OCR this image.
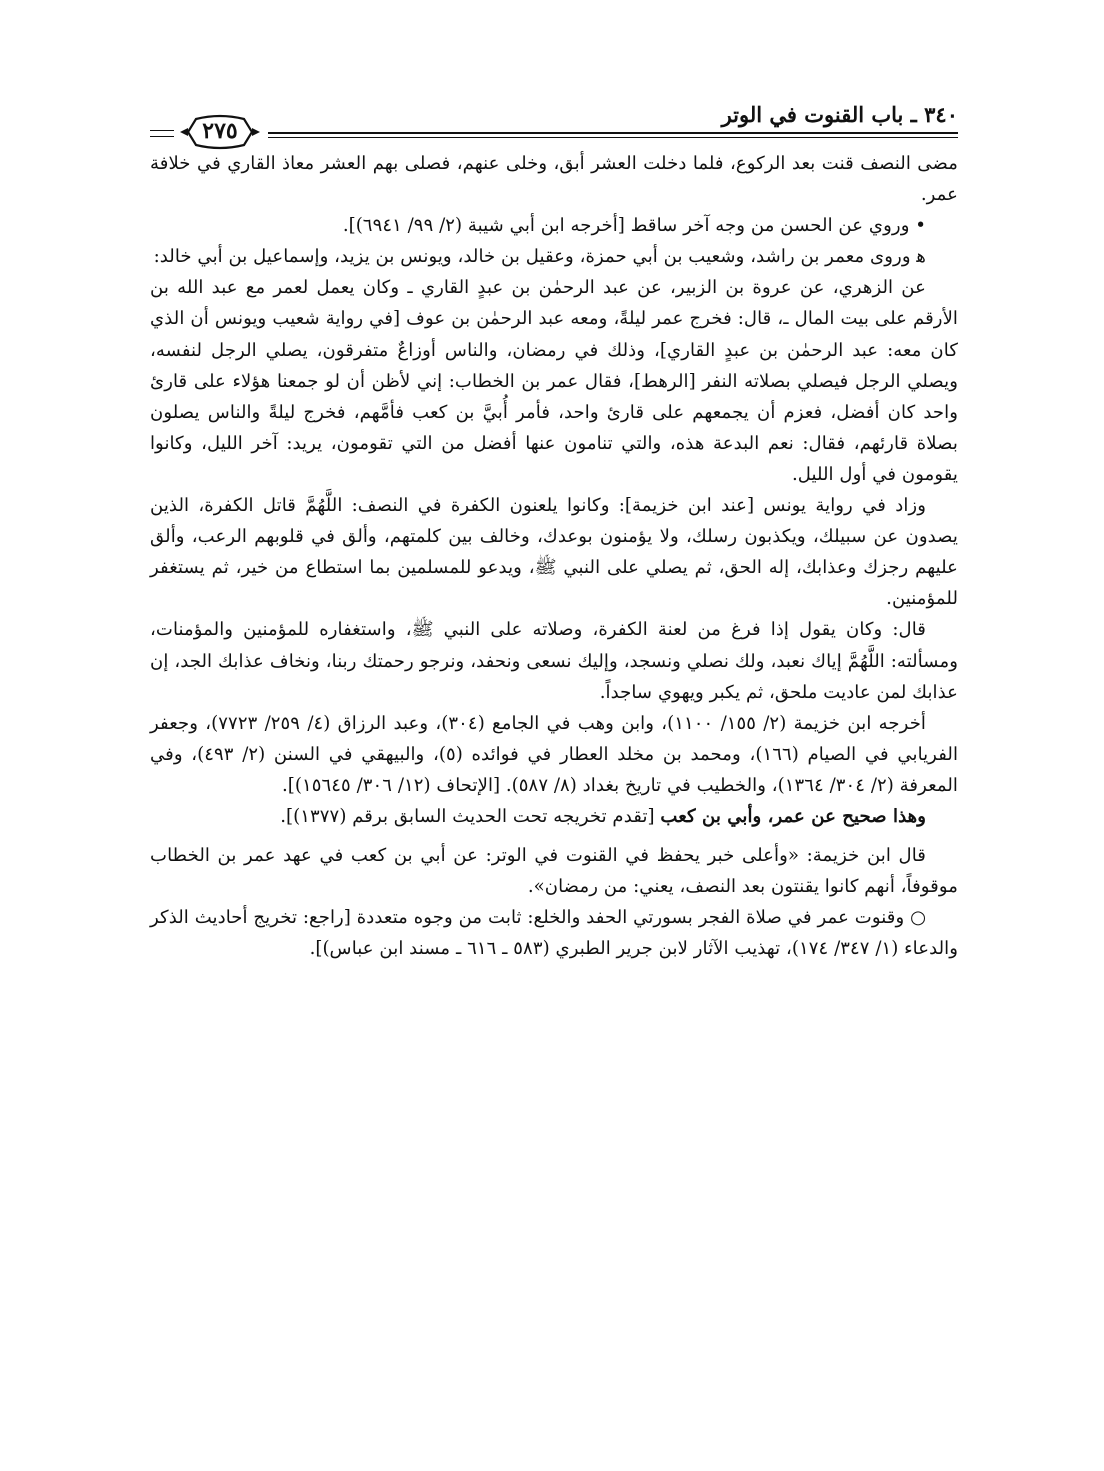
٣٤٠ ـ باب القنوت في الوتر
٢٧٥

مضى النصف قنت بعد الركوع، فلما دخلت العشر أبق، وخلى عنهم، فصلى بهم العشر معاذ القاري في خلافة عمر.

• وروي عن الحسن من وجه آخر ساقط [أخرجه ابن أبي شيبة (٢/ ٩٩/ ٦٩٤١)].

ﻫ وروى معمر بن راشد، وشعيب بن أبي حمزة، وعقيل بن خالد، ويونس بن يزيد، وإسماعيل بن أبي خالد:

عن الزهري، عن عروة بن الزبير، عن عبد الرحمٰن بن عبدٍ القاري ـ وكان يعمل لعمر مع عبد الله بن الأرقم على بيت المال ـ، قال: فخرج عمر ليلةً، ومعه عبد الرحمٰن بن عوف [في رواية شعيب ويونس أن الذي كان معه: عبد الرحمٰن بن عبدٍ القاري]، وذلك في رمضان، والناس أوزاعٌ متفرقون، يصلي الرجل لنفسه، ويصلي الرجل فيصلي بصلاته النفر [الرهط]، فقال عمر بن الخطاب: إني لأظن أن لو جمعنا هؤلاء على قارئ واحد كان أفضل، فعزم أن يجمعهم على قارئ واحد، فأمر أُبيَّ بن كعب فأمَّهم، فخرج ليلةً والناس يصلون بصلاة قارئهم، فقال: نعم البدعة هذه، والتي تنامون عنها أفضل من التي تقومون، يريد: آخر الليل، وكانوا يقومون في أول الليل.

وزاد في رواية يونس [عند ابن خزيمة]: وكانوا يلعنون الكفرة في النصف: اللَّهُمَّ قاتل الكفرة، الذين يصدون عن سبيلك، ويكذبون رسلك، ولا يؤمنون بوعدك، وخالف بين كلمتهم، وألق في قلوبهم الرعب، وألق عليهم رجزك وعذابك، إله الحق، ثم يصلي على النبي ﷺ، ويدعو للمسلمين بما استطاع من خير، ثم يستغفر للمؤمنين.

قال: وكان يقول إذا فرغ من لعنة الكفرة، وصلاته على النبي ﷺ، واستغفاره للمؤمنين والمؤمنات، ومسألته: اللَّهُمَّ إياك نعبد، ولك نصلي ونسجد، وإليك نسعى ونحفد، ونرجو رحمتك ربنا، ونخاف عذابك الجد، إن عذابك لمن عاديت ملحق، ثم يكبر ويهوي ساجداً.

أخرجه ابن خزيمة (٢/ ١٥٥/ ١١٠٠)، وابن وهب في الجامع (٣٠٤)، وعبد الرزاق (٤/ ٢٥٩/ ٧٧٢٣)، وجعفر الفريابي في الصيام (١٦٦)، ومحمد بن مخلد العطار في فوائده (٥)، والبيهقي في السنن (٢/ ٤٩٣)، وفي المعرفة (٢/ ٣٠٤/ ١٣٦٤)، والخطيب في تاريخ بغداد (٨/ ٥٨٧). [الإتحاف (١٢/ ٣٠٦/ ١٥٦٤٥)].

وهذا صحيح عن عمر، وأبي بن كعب [تقدم تخريجه تحت الحديث السابق برقم (١٣٧٧)].

قال ابن خزيمة: «وأعلى خبر يحفظ في القنوت في الوتر: عن أبي بن كعب في عهد عمر بن الخطاب موقوفاً، أنهم كانوا يقنتون بعد النصف، يعني: من رمضان».

○ وقنوت عمر في صلاة الفجر بسورتي الحفد والخلع: ثابت من وجوه متعددة [راجع: تخريج أحاديث الذكر والدعاء (١/ ٣٤٧/ ١٧٤)، تهذيب الآثار لابن جرير الطبري (٥٨٣ ـ ٦١٦ ـ مسند ابن عباس)].
